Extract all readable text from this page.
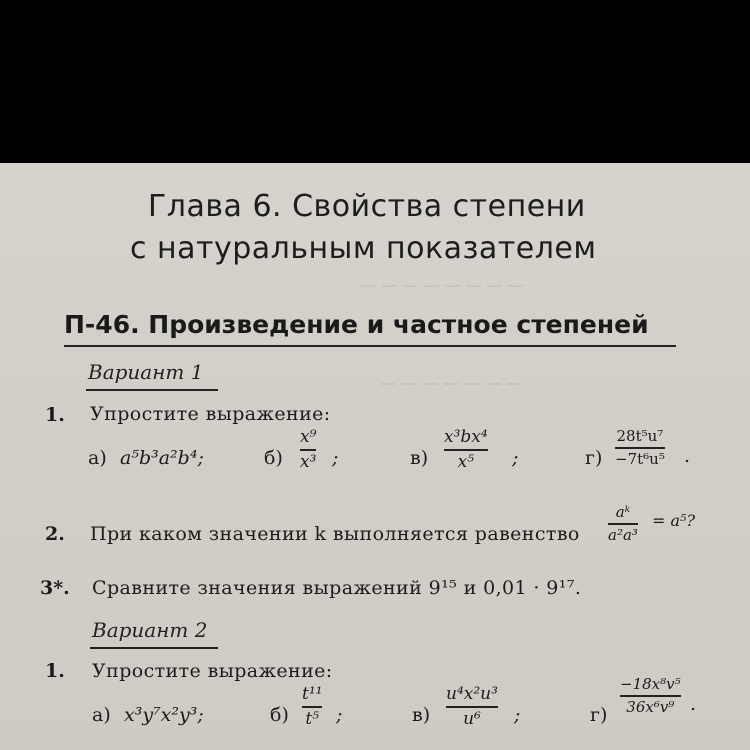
— — — — — — — —
— — — — — — —
Глава 6. Свойства степени
с натуральным показателем
П-46. Произведение и частное степеней
Вариант 1
1. Упростите выражение:
а) a⁵b³a²b⁴;	б)
x⁹
x³ ;	в)
x³bx⁴
x⁵ ;	г)
28t⁵u⁷
−7t⁶u⁵ .
2. При каком значении k выполняется равенство
aᵏ
a²a³
= a⁵?
3*. Сравните значения выражений 9¹⁵ и 0,01 · 9¹⁷.
Вариант 2
1. Упростите выражение:
а) x³y⁷x²y³;	б)
t¹¹
t⁵ ;	в)
u⁴x²u³
u⁶ ;	г)
−18x⁸v⁵
36x⁶v⁹ .
